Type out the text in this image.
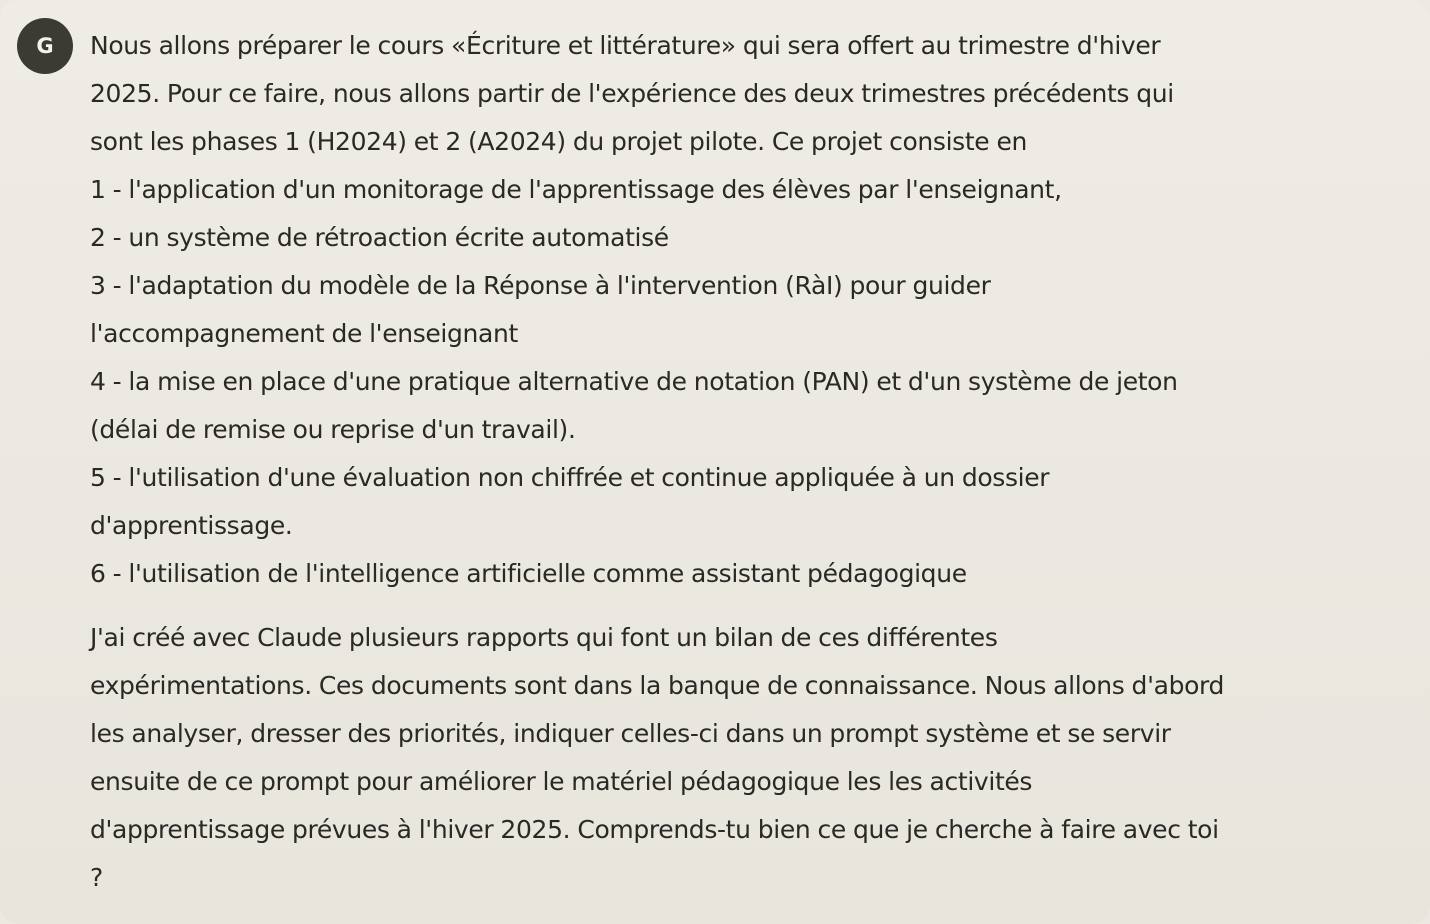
G	Nous allons préparer le cours «Écriture et littérature» qui sera offert au trimestre d'hiver

2025. Pour ce faire, nous allons partir de l'expérience des deux trimestres précédents qui

sont les phases 1 (H2024) et 2 (A2024) du projet pilote. Ce projet consiste en

1 - l'application d'un monitorage de l'apprentissage des élèves par l'enseignant,

2 - un système de rétroaction écrite automatisé

3 - l'adaptation du modèle de la Réponse à l'intervention (RàI) pour guider

l'accompagnement de l'enseignant

4 - la mise en place d'une pratique alternative de notation (PAN) et d'un système de jeton

(délai de remise ou reprise d'un travail).

5 - l'utilisation d'une évaluation non chiffrée et continue appliquée à un dossier

d'apprentissage.

6 - l'utilisation de l'intelligence artificielle comme assistant pédagogique

J'ai créé avec Claude plusieurs rapports qui font un bilan de ces différentes

expérimentations. Ces documents sont dans la banque de connaissance. Nous allons d'abord

les analyser, dresser des priorités, indiquer celles-ci dans un prompt système et se servir

ensuite de ce prompt pour améliorer le matériel pédagogique les les activités

d'apprentissage prévues à l'hiver 2025. Comprends-tu bien ce que je cherche à faire avec toi

?
